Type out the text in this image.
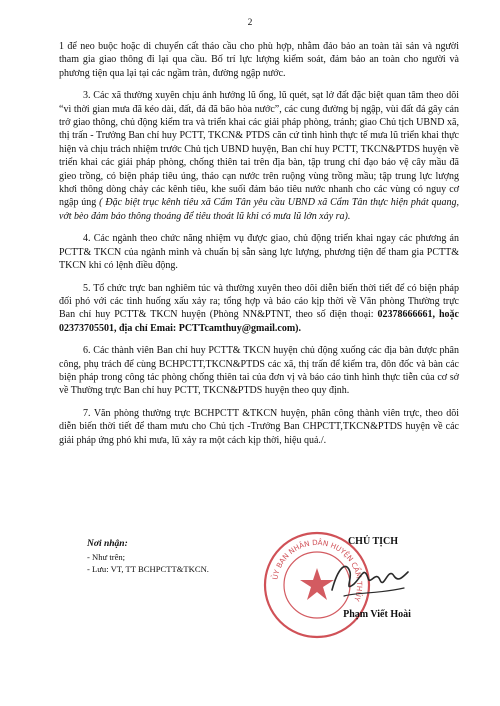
2

1 để neo buộc hoặc di chuyển cất tháo cầu cho phù hợp, nhằm đảo bảo an toàn tài sản và người tham gia giao thông đi lại qua cầu. Bố trí lực lượng kiểm soát, đảm bảo an toàn cho người và phương tiện qua lại tại các ngầm tràn, đường ngập nước.

3. Các xã thường xuyên chịu ảnh hưởng lũ ống, lũ quét, sạt lở đất đặc biệt quan tâm theo dõi “vì thời gian mưa đã kéo dài, đất, đá đã bão hòa nước”, các cung đường bị ngập, vùi đất đá gây cản trở giao thông, chủ động kiểm tra và triển khai các giải pháp phòng, tránh; giao Chủ tịch UBND xã, thị trấn - Trưởng Ban chỉ huy PCTT, TKCN& PTDS căn cứ tình hình thực tế mưa lũ triển khai thực hiện và chịu trách nhiệm trước Chủ tịch UBND huyện, Ban chỉ huy PCTT, TKCN&PTDS huyện về triển khai các giải pháp phòng, chống thiên tai trên địa bàn, tập trung chỉ đạo bảo vệ cây mầu đã gieo trồng, có biện pháp tiêu úng, tháo cạn nước trên ruộng vùng trồng mầu; tập trung lực lượng khơi thông dòng chảy các kênh tiêu, khe suối đảm bảo tiêu nước nhanh cho các vùng có nguy cơ ngập úng ( Đặc biệt trục kênh tiêu xã Cẩm Tân yêu cầu UBND xã Cẩm Tân thực hiện phát quang, vớt bèo đảm bảo thông thoáng để tiêu thoát lũ khi có mưa lũ lớn xảy ra).

4. Các ngành theo chức năng nhiệm vụ được giao, chủ động triển khai ngay các phương án PCTT& TKCN của ngành mình và chuẩn bị sẵn sàng lực lượng, phương tiện để tham gia PCTT& TKCN khi có lệnh điều động.

5. Tổ chức trực ban nghiêm túc và thường xuyên theo dõi diễn biến thời tiết để có biện pháp đối phó với các tình huống xấu xảy ra; tổng hợp và báo cáo kịp thời về Văn phòng Thường trực Ban chỉ huy PCTT& TKCN huyện (Phòng NN&PTNT, theo số điện thoại: 02378666661, hoặc 02373705501, địa chỉ Emai: PCTTcamthuy@gmail.com).

6. Các thành viên Ban chỉ huy PCTT& TKCN huyện chủ động xuống các địa bàn được phân công, phụ trách để cùng BCHPCTT,TKCN&PTDS các xã, thị trấn để kiểm tra, đôn đốc và bàn các biện pháp trong công tác phòng chống thiên tai của đơn vị và báo cáo tình hình thực tiễn của cơ sở về Thường trực Ban chỉ huy PCTT, TKCN&PTDS huyện theo quy định.

7. Văn phòng thường trực BCHPCTT &TKCN huyện, phân công thành viên trực, theo dõi diễn biến thời tiết để tham mưu cho Chủ tịch -Trưởng Ban CHPCTT,TKCN&PTDS huyện về các giải pháp ứng phó khi mưa, lũ xảy ra một cách kịp thời, hiệu quả./.

Nơi nhận:
- Như trên;
- Lưu: VT, TT BCHPCTT&TKCN.
ỦY BAN NHÂN DÂN HUYỆN CẨM THỦY
CHỦ TỊCH
Phạm Viết Hoài
